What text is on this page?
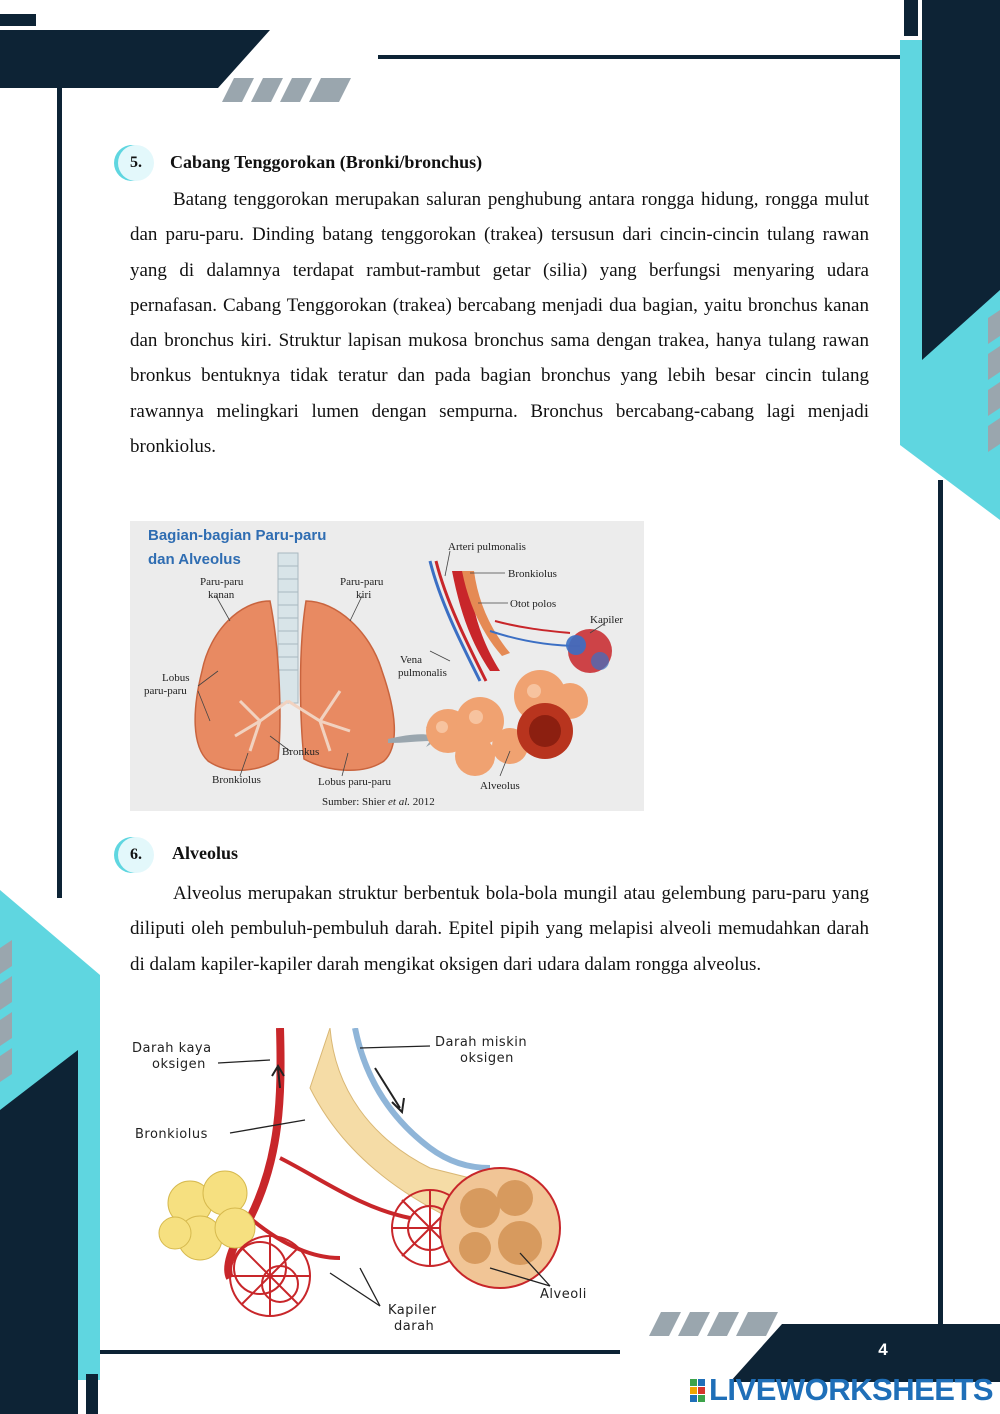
5.	Cabang Tenggorokan (Bronki/bronchus)

Batang tenggorokan merupakan saluran penghubung antara rongga hidung, rongga mulut dan paru-paru. Dinding batang tenggorokan (trakea) tersusun dari cincin-cincin tulang rawan yang di dalamnya terdapat rambut-rambut getar (silia) yang berfungsi menyaring udara pernafasan. Cabang Tenggorokan (trakea) bercabang menjadi dua bagian, yaitu bronchus kanan dan bronchus kiri. Struktur lapisan mukosa bronchus sama dengan trakea, hanya tulang rawan bronkus bentuknya tidak teratur dan pada bagian bronchus yang lebih besar cincin tulang rawannya melingkari lumen dengan sempurna. Bronchus bercabang-cabang lagi menjadi bronkiolus.

Bagian-bagian Paru-paru
dan Alveolus
Paru-paru
kanan
Paru-paru
kiri
Lobus
paru-paru
Bronkus
Bronkiolus	Lobus paru-paru
Arteri pulmonalis
Bronkiolus
Otot polos
Kapiler
Vena
pulmonalis
Alveolus
Sumber: Shier et al. 2012
6.	Alveolus

Alveolus merupakan struktur berbentuk bola-bola mungil atau gelembung paru-paru yang diliputi oleh pembuluh-pembuluh darah. Epitel pipih yang melapisi alveoli memudahkan darah di dalam kapiler-kapiler darah mengikat oksigen dari udara dalam rongga alveolus.

Darah kaya
oksigen
Darah miskin
oksigen
Bronkiolus
Alveoli
Kapiler
darah
4
LIVEWORKSHEETS
